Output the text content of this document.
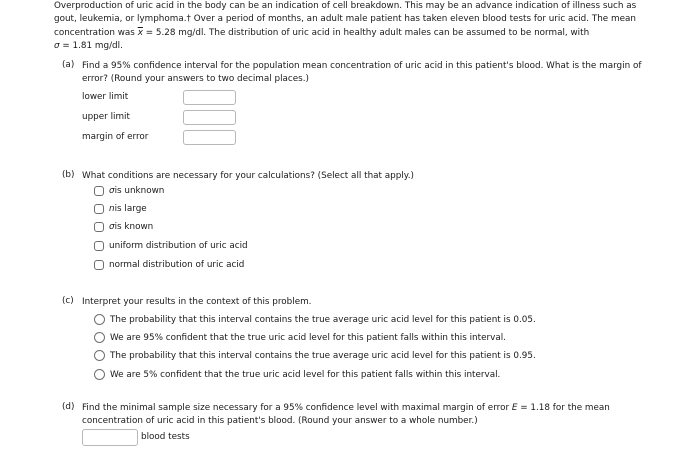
Overproduction of uric acid in the body can be an indication of cell breakdown. This may be an advance indication of illness such as
gout, leukemia, or lymphoma.† Over a period of months, an adult male patient has taken eleven blood tests for uric acid. The mean
concentration was $\overline{x} = 5.28$ mg/dl. The distribution of uric acid in healthy adult males can be assumed to be normal, with
σ = 1.81 mg/dl.
(a) Find a 95% confidence interval for the population mean concentration of uric acid in this patient's blood. What is the margin of
error? (Round your answers to two decimal places.)
lower limit
upper limit
margin of error
(b) What conditions are necessary for your calculations? (Select all that apply.)
σ is unknown
n is large
σ is known
uniform distribution of uric acid
normal distribution of uric acid
(c) Interpret your results in the context of this problem.
The probability that this interval contains the true average uric acid level for this patient is 0.05.
We are 95% confident that the true uric acid level for this patient falls within this interval.
The probability that this interval contains the true average uric acid level for this patient is 0.95.
We are 5% confident that the true uric acid level for this patient falls within this interval.
(d) Find the minimal sample size necessary for a 95% confidence level with maximal margin of error E = 1.18 for the mean
concentration of uric acid in this patient's blood. (Round your answer to a whole number.)
blood tests
